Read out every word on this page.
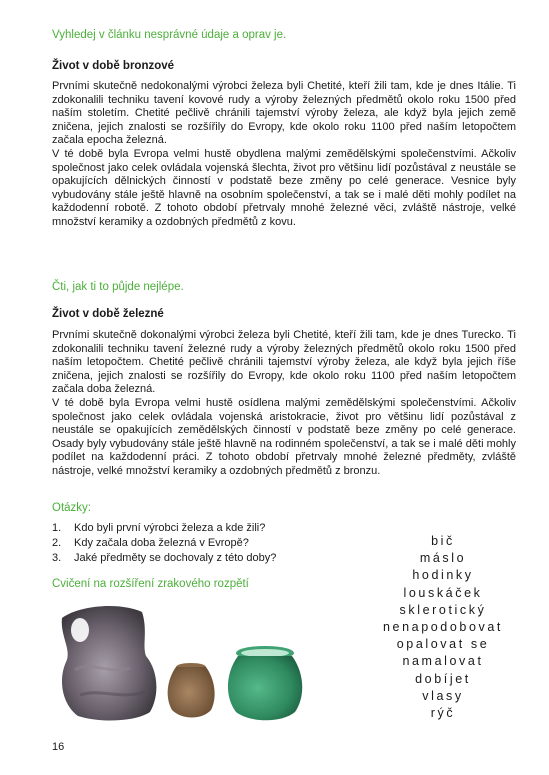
Vyhledej v článku nesprávné údaje a oprav je.
Život v době bronzové

Prvními skutečně nedokonalými výrobci železa byli Chetité, kteří žili tam, kde je dnes Itálie. Ti zdokonalili techniku tavení kovové rudy a výroby železných předmětů okolo roku 1500 před naším stoletím. Chetité pečlivě chránili tajemství výroby železa, ale když byla jejich země zničena, jejich znalosti se rozšířily do Evropy, kde okolo roku 1100 před naším letopočtem začala epocha železná.

V té době byla Evropa velmi hustě obydlena malými zemědělskými společenstvími. Ačkoliv společnost jako celek ovládala vojenská šlechta, život pro většinu lidí pozůstával z neustále se opakujících dělnických činností v podstatě beze změny po celé generace. Vesnice byly vybudovány stále ještě hlavně na osobním společenství, a tak se i malé děti mohly podílet na každodenní robotě. Z tohoto období přetrvaly mnohé železné věci, zvláště nástroje, velké množství keramiky a ozdobných předmětů z kovu.

Čti, jak ti to půjde nejlépe.
Život v době železné

Prvními skutečně dokonalými výrobci železa byli Chetité, kteří žili tam, kde je dnes Turecko. Ti zdokonalili techniku tavení železné rudy a výroby železných předmětů okolo roku 1500 před naším letopočtem. Chetité pečlivě chránili tajemství výroby železa, ale když byla jejich říše zničena, jejich znalosti se rozšířily do Evropy, kde okolo roku 1100 před naším letopočtem začala doba železná.

V té době byla Evropa velmi hustě osídlena malými zemědělskými společenstvími. Ačkoliv společnost jako celek ovládala vojenská aristokracie, život pro většinu lidí pozůstával z neustále se opakujících zemědělských činností v podstatě beze změny po celé generace. Osady byly vybudovány stále ještě hlavně na rodinném společenství, a tak se i malé děti mohly podílet na každodenní práci. Z tohoto období přetrvaly mnohé železné předměty, zvláště nástroje, velké množství keramiky a ozdobných předmětů z bronzu.

Otázky:
1.	Kdo byli první výrobci železa a kde žili?
2.	Kdy začala doba železná v Evropě?
3.	Jaké předměty se dochovaly z této doby?
Cvičení na rozšíření zrakového rozpětí
bič
máslo
hodinky
louskáček
sklerotický
nenapodobovat
opalovat se
namalovat
dobíjet
vlasy
rýč
16
